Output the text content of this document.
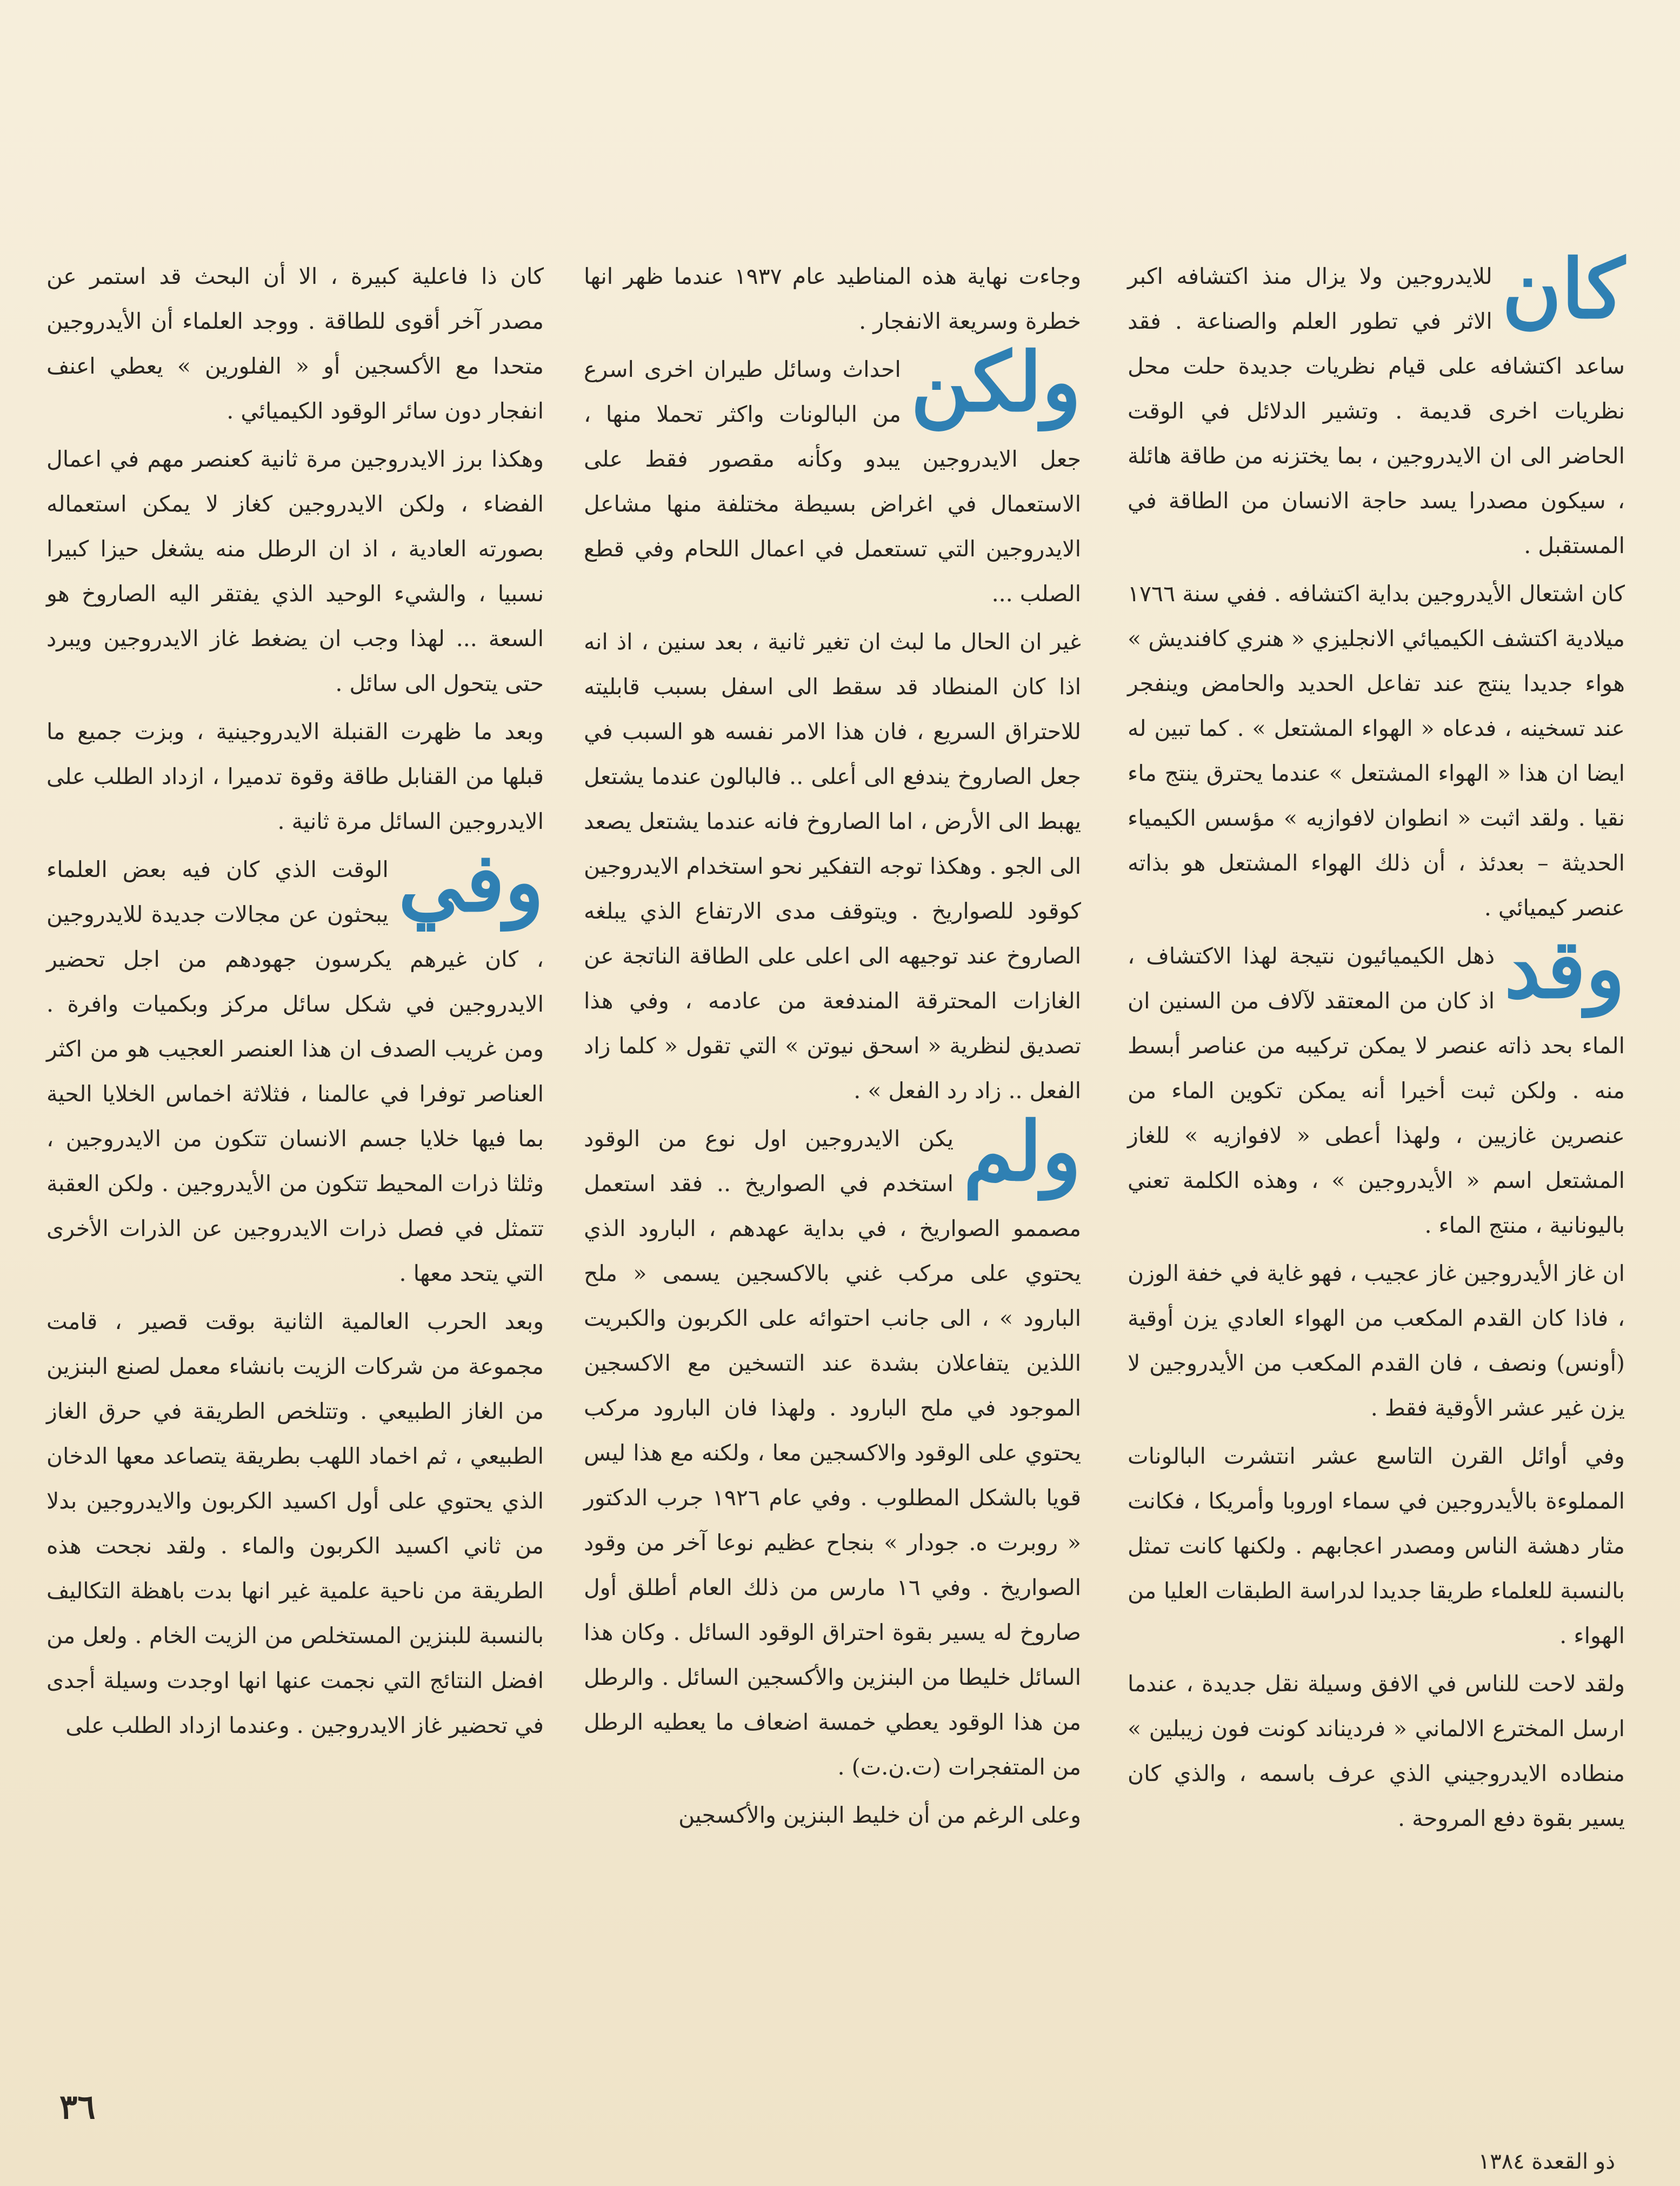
كان
للايدروجين ولا يزال منذ اكتشافه اكبر الاثر في تطور العلم والصناعة . فقد ساعد اكتشافه على قيام نظريات جديدة حلت محل نظريات اخرى قديمة . وتشير الدلائل في الوقت الحاضر الى ان الايدروجين ، بما يختزنه من طاقة هائلة ، سيكون مصدرا يسد حاجة الانسان من الطاقة في المستقبل .

كان اشتعال الأيدروجين بداية اكتشافه . ففي سنة ١٧٦٦ ميلادية اكتشف الكيميائي الانجليزي « هنري كافنديش » هواء جديدا ينتج عند تفاعل الحديد والحامض وينفجر عند تسخينه ، فدعاه « الهواء المشتعل » . كما تبين له ايضا ان هذا « الهواء المشتعل » عندما يحترق ينتج ماء نقيا . ولقد اثبت « انطوان لافوازيه » مؤسس الكيمياء الحديثة – بعدئذ ، أن ذلك الهواء المشتعل هو بذاته عنصر كيميائي .

وقد
ذهل الكيميائيون نتيجة لهذا الاكتشاف ، اذ كان من المعتقد لآلاف من السنين ان الماء بحد ذاته عنصر لا يمكن تركيبه من عناصر أبسط منه . ولكن ثبت أخيرا أنه يمكن تكوين الماء من عنصرين غازيين ، ولهذا أعطى « لافوازيه » للغاز المشتعل اسم « الأيدروجين » ، وهذه الكلمة تعني باليونانية ، منتج الماء .

ان غاز الأيدروجين غاز عجيب ، فهو غاية في خفة الوزن ، فاذا كان القدم المكعب من الهواء العادي يزن أوقية (أونس) ونصف ، فان القدم المكعب من الأيدروجين لا يزن غير عشر الأوقية فقط .

وفي أوائل القرن التاسع عشر انتشرت البالونات المملوءة بالأيدروجين في سماء اوروبا وأمريكا ، فكانت مثار دهشة الناس ومصدر اعجابهم . ولكنها كانت تمثل بالنسبة للعلماء طريقا جديدا لدراسة الطبقات العليا من الهواء .

ولقد لاحت للناس في الافق وسيلة نقل جديدة ، عندما ارسل المخترع الالماني « فرديناند كونت فون زيبلين » منطاده الايدروجيني الذي عرف باسمه ، والذي كان يسير بقوة دفع المروحة .

وجاءت نهاية هذه المناطيد عام ١٩٣٧ عندما ظهر انها خطرة وسريعة الانفجار .

ولكن
احداث وسائل طيران اخرى اسرع من البالونات واكثر تحملا منها ، جعل الايدروجين يبدو وكأنه مقصور فقط على الاستعمال في اغراض بسيطة مختلفة منها مشاعل الايدروجين التي تستعمل في اعمال اللحام وفي قطع الصلب ...

غير ان الحال ما لبث ان تغير ثانية ، بعد سنين ، اذ انه اذا كان المنطاد قد سقط الى اسفل بسبب قابليته للاحتراق السريع ، فان هذا الامر نفسه هو السبب في جعل الصاروخ يندفع الى أعلى .. فالبالون عندما يشتعل يهبط الى الأرض ، اما الصاروخ فانه عندما يشتعل يصعد الى الجو . وهكذا توجه التفكير نحو استخدام الايدروجين كوقود للصواريخ . ويتوقف مدى الارتفاع الذي يبلغه الصاروخ عند توجيهه الى اعلى على الطاقة الناتجة عن الغازات المحترقة المندفعة من عادمه ، وفي هذا تصديق لنظرية « اسحق نيوتن » التي تقول « كلما زاد الفعل .. زاد رد الفعل » .

ولم
يكن الايدروجين اول نوع من الوقود استخدم في الصواريخ .. فقد استعمل مصممو الصواريخ ، في بداية عهدهم ، البارود الذي يحتوي على مركب غني بالاكسجين يسمى « ملح البارود » ، الى جانب احتوائه على الكربون والكبريت اللذين يتفاعلان بشدة عند التسخين مع الاكسجين الموجود في ملح البارود . ولهذا فان البارود مركب يحتوي على الوقود والاكسجين معا ، ولكنه مع هذا ليس قويا بالشكل المطلوب . وفي عام ١٩٢٦ جرب الدكتور « روبرت ه. جودار » بنجاح عظيم نوعا آخر من وقود الصواريخ . وفي ١٦ مارس من ذلك العام أطلق أول صاروخ له يسير بقوة احتراق الوقود السائل . وكان هذا السائل خليطا من البنزين والأكسجين السائل . والرطل من هذا الوقود يعطي خمسة اضعاف ما يعطيه الرطل من المتفجرات (ت.ن.ت) .

وعلى الرغم من أن خليط البنزين والأكسجين

كان ذا فاعلية كبيرة ، الا أن البحث قد استمر عن مصدر آخر أقوى للطاقة . ووجد العلماء أن الأيدروجين متحدا مع الأكسجين أو « الفلورين » يعطي اعنف انفجار دون سائر الوقود الكيميائي .

وهكذا برز الايدروجين مرة ثانية كعنصر مهم في اعمال الفضاء ، ولكن الايدروجين كغاز لا يمكن استعماله بصورته العادية ، اذ ان الرطل منه يشغل حيزا كبيرا نسبيا ، والشيء الوحيد الذي يفتقر اليه الصاروخ هو السعة ... لهذا وجب ان يضغط غاز الايدروجين ويبرد حتى يتحول الى سائل .

وبعد ما ظهرت القنبلة الايدروجينية ، وبزت جميع ما قبلها من القنابل طاقة وقوة تدميرا ، ازداد الطلب على الايدروجين السائل مرة ثانية .

وفي
الوقت الذي كان فيه بعض العلماء يبحثون عن مجالات جديدة للايدروجين ، كان غيرهم يكرسون جهودهم من اجل تحضير الايدروجين في شكل سائل مركز وبكميات وافرة . ومن غريب الصدف ان هذا العنصر العجيب هو من اكثر العناصر توفرا في عالمنا ، فثلاثة اخماس الخلايا الحية بما فيها خلايا جسم الانسان تتكون من الايدروجين ، وثلثا ذرات المحيط تتكون من الأيدروجين . ولكن العقبة تتمثل في فصل ذرات الايدروجين عن الذرات الأخرى التي يتحد معها .

وبعد الحرب العالمية الثانية بوقت قصير ، قامت مجموعة من شركات الزيت بانشاء معمل لصنع البنزين من الغاز الطبيعي . وتتلخص الطريقة في حرق الغاز الطبيعي ، ثم اخماد اللهب بطريقة يتصاعد معها الدخان الذي يحتوي على أول اكسيد الكربون والايدروجين بدلا من ثاني اكسيد الكربون والماء . ولقد نجحت هذه الطريقة من ناحية علمية غير انها بدت باهظة التكاليف بالنسبة للبنزين المستخلص من الزيت الخام . ولعل من افضل النتائج التي نجمت عنها انها اوجدت وسيلة أجدى في تحضير غاز الايدروجين . وعندما ازداد الطلب على

٣٦
ذو القعدة ١٣٨٤
